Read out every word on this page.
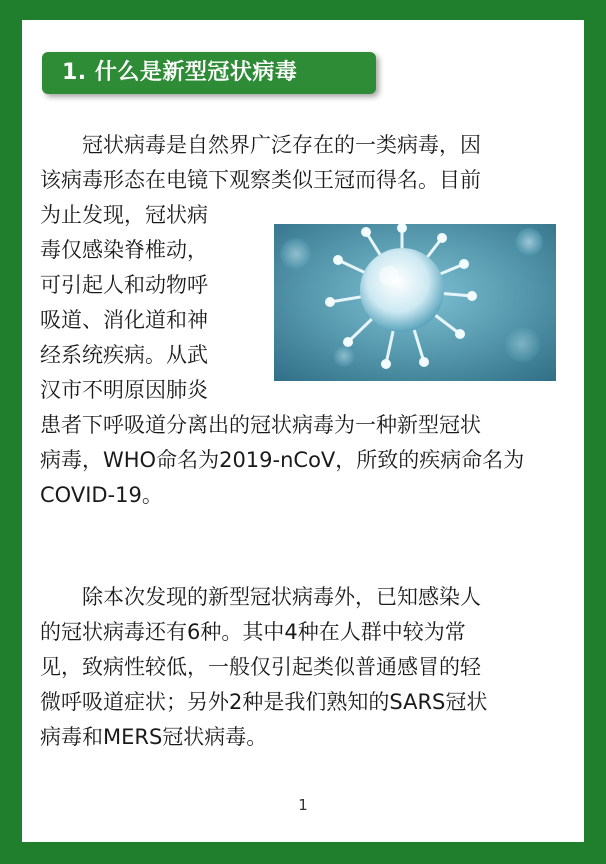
1. 什么是新型冠状病毒
冠状病毒是自然界广泛存在的一类病毒，因
该病毒形态在电镜下观察类似王冠而得名。目前
为止发现，冠状病
毒仅感染脊椎动，
可引起人和动物呼
吸道、消化道和神
经系统疾病。从武
汉市不明原因肺炎
患者下呼吸道分离出的冠状病毒为一种新型冠状
病毒，WHO命名为2019-nCoV，所致的疾病命名为
COVID-19。
除本次发现的新型冠状病毒外，已知感染人
的冠状病毒还有6种。其中4种在人群中较为常
见，致病性较低，一般仅引起类似普通感冒的轻
微呼吸道症状；另外2种是我们熟知的SARS冠状
病毒和MERS冠状病毒。
1
